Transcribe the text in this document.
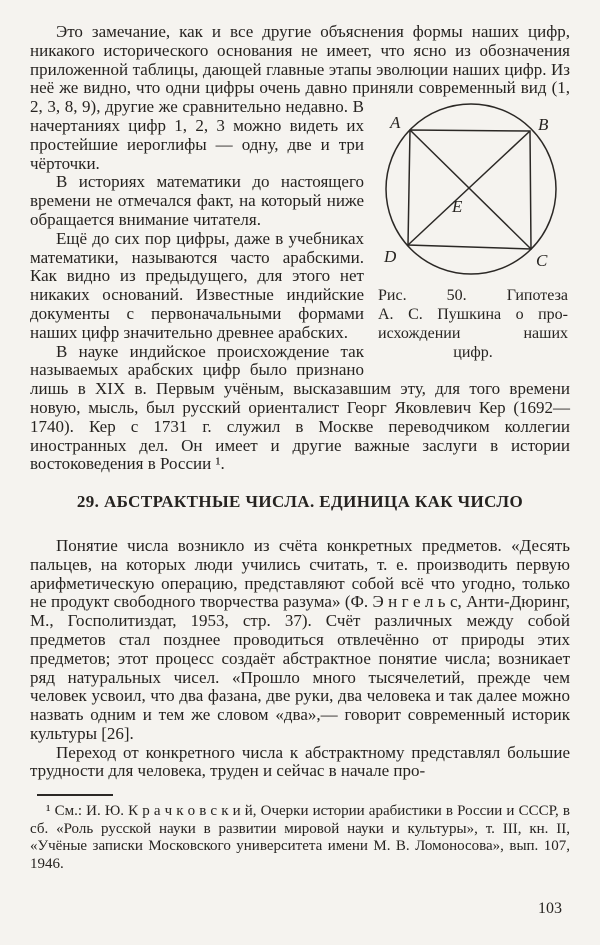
Это замечание, как и все другие объяснения формы наших цифр, никакого исторического основания не имеет, что ясно из обозначения приложенной таблицы, дающей главные этапы эволюции наших цифр. Из неё же видно, что одни цифры очень давно приняли современный вид (1, 2, 3, 8, 9), другие же сравнительно недавно.
A	B
C
D
E
Рис.	50.	Гипотеза
А. С. Пушкина о про-
исхождении	наших
цифр.
В начертаниях цифр 1, 2, 3 можно видеть их простейшие иероглифы — одну, две и три чёрточки.

В историях математики до настоящего времени не отмечался факт, на который ниже обращается внимание читателя.

Ещё до сих пор цифры, даже в учебниках математики, называются часто арабскими. Как видно из предыдущего, для этого нет никаких оснований. Известные индийские документы с первоначальными формами наших цифр значительно древнее арабских.

В науке индийское происхождение так называемых арабских цифр было признано лишь в XIX в. Первым учёным, высказавшим эту, для того времени новую, мысль, был русский ориенталист Георг Яковлевич Кер (1692—1740). Кер с 1731 г. служил в Москве переводчиком коллегии иностранных дел. Он имеет и другие важные заслуги в истории востоковедения в России ¹.

29. АБСТРАКТНЫЕ ЧИСЛА. ЕДИНИЦА КАК ЧИСЛО

Понятие числа возникло из счёта конкретных предметов. «Десять пальцев, на которых люди учились считать, т. е. производить первую арифметическую операцию, представляют собой всё что угодно, только не продукт свободного творчества разума» (Ф. Э н г е л ь с, Анти-Дюринг, М., Госполитиздат, 1953, стр. 37). Счёт различных между собой предметов стал позднее проводиться отвлечённо от природы этих предметов; этот процесс создаёт абстрактное понятие числа; возникает ряд натуральных чисел. «Прошло много тысячелетий, прежде чем человек усвоил, что два фазана, две руки, два человека и так далее можно назвать одним и тем же словом «два»,— говорит современный историк культуры [26].

Переход от конкретного числа к абстрактному представлял большие трудности для человека, труден и сейчас в начале про-

¹ См.: И. Ю. К р а ч к о в с к и й, Очерки истории арабистики в России и СССР, в сб. «Роль русской науки в развитии мировой науки и культуры», т. III, кн. II, «Учёные записки Московского университета имени М. В. Ломоносова», вып. 107, 1946.

103
